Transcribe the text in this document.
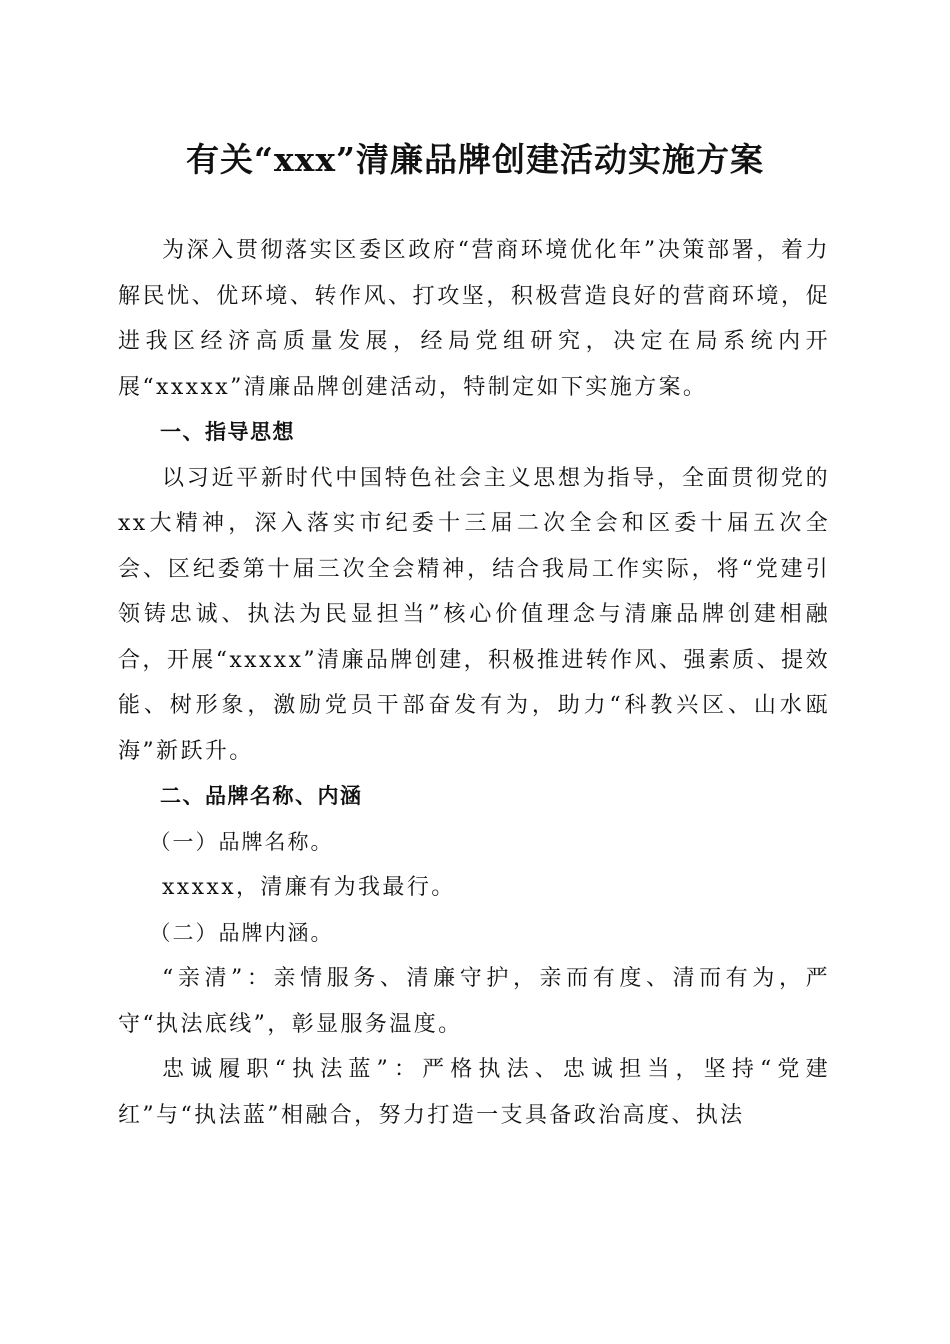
有关“xxx”清廉品牌创建活动实施方案

为深入贯彻落实区委区政府“营商环境优化年”决策部署，着力解民忧、优环境、转作风、打攻坚，积极营造良好的营商环境，促进我区经济高质量发展，经局党组研究，决定在局系统内开展“xxxxx”清廉品牌创建活动，特制定如下实施方案。

一、指导思想

以习近平新时代中国特色社会主义思想为指导，全面贯彻党的xx大精神，深入落实市纪委十三届二次全会和区委十届五次全会、区纪委第十届三次全会精神，结合我局工作实际，将“党建引领铸忠诚、执法为民显担当”核心价值理念与清廉品牌创建相融合，开展“xxxxx”清廉品牌创建，积极推进转作风、强素质、提效能、树形象，激励党员干部奋发有为，助力“科教兴区、山水瓯海”新跃升。

二、品牌名称、内涵

（一）品牌名称。

xxxxx，清廉有为我最行。

（二）品牌内涵。

“亲清”：亲情服务、清廉守护，亲而有度、清而有为，严守“执法底线”，彰显服务温度。

忠诚履职“执法蓝”：严格执法、忠诚担当，坚持“党建红”与“执法蓝”相融合，努力打造一支具备政治高度、执法
